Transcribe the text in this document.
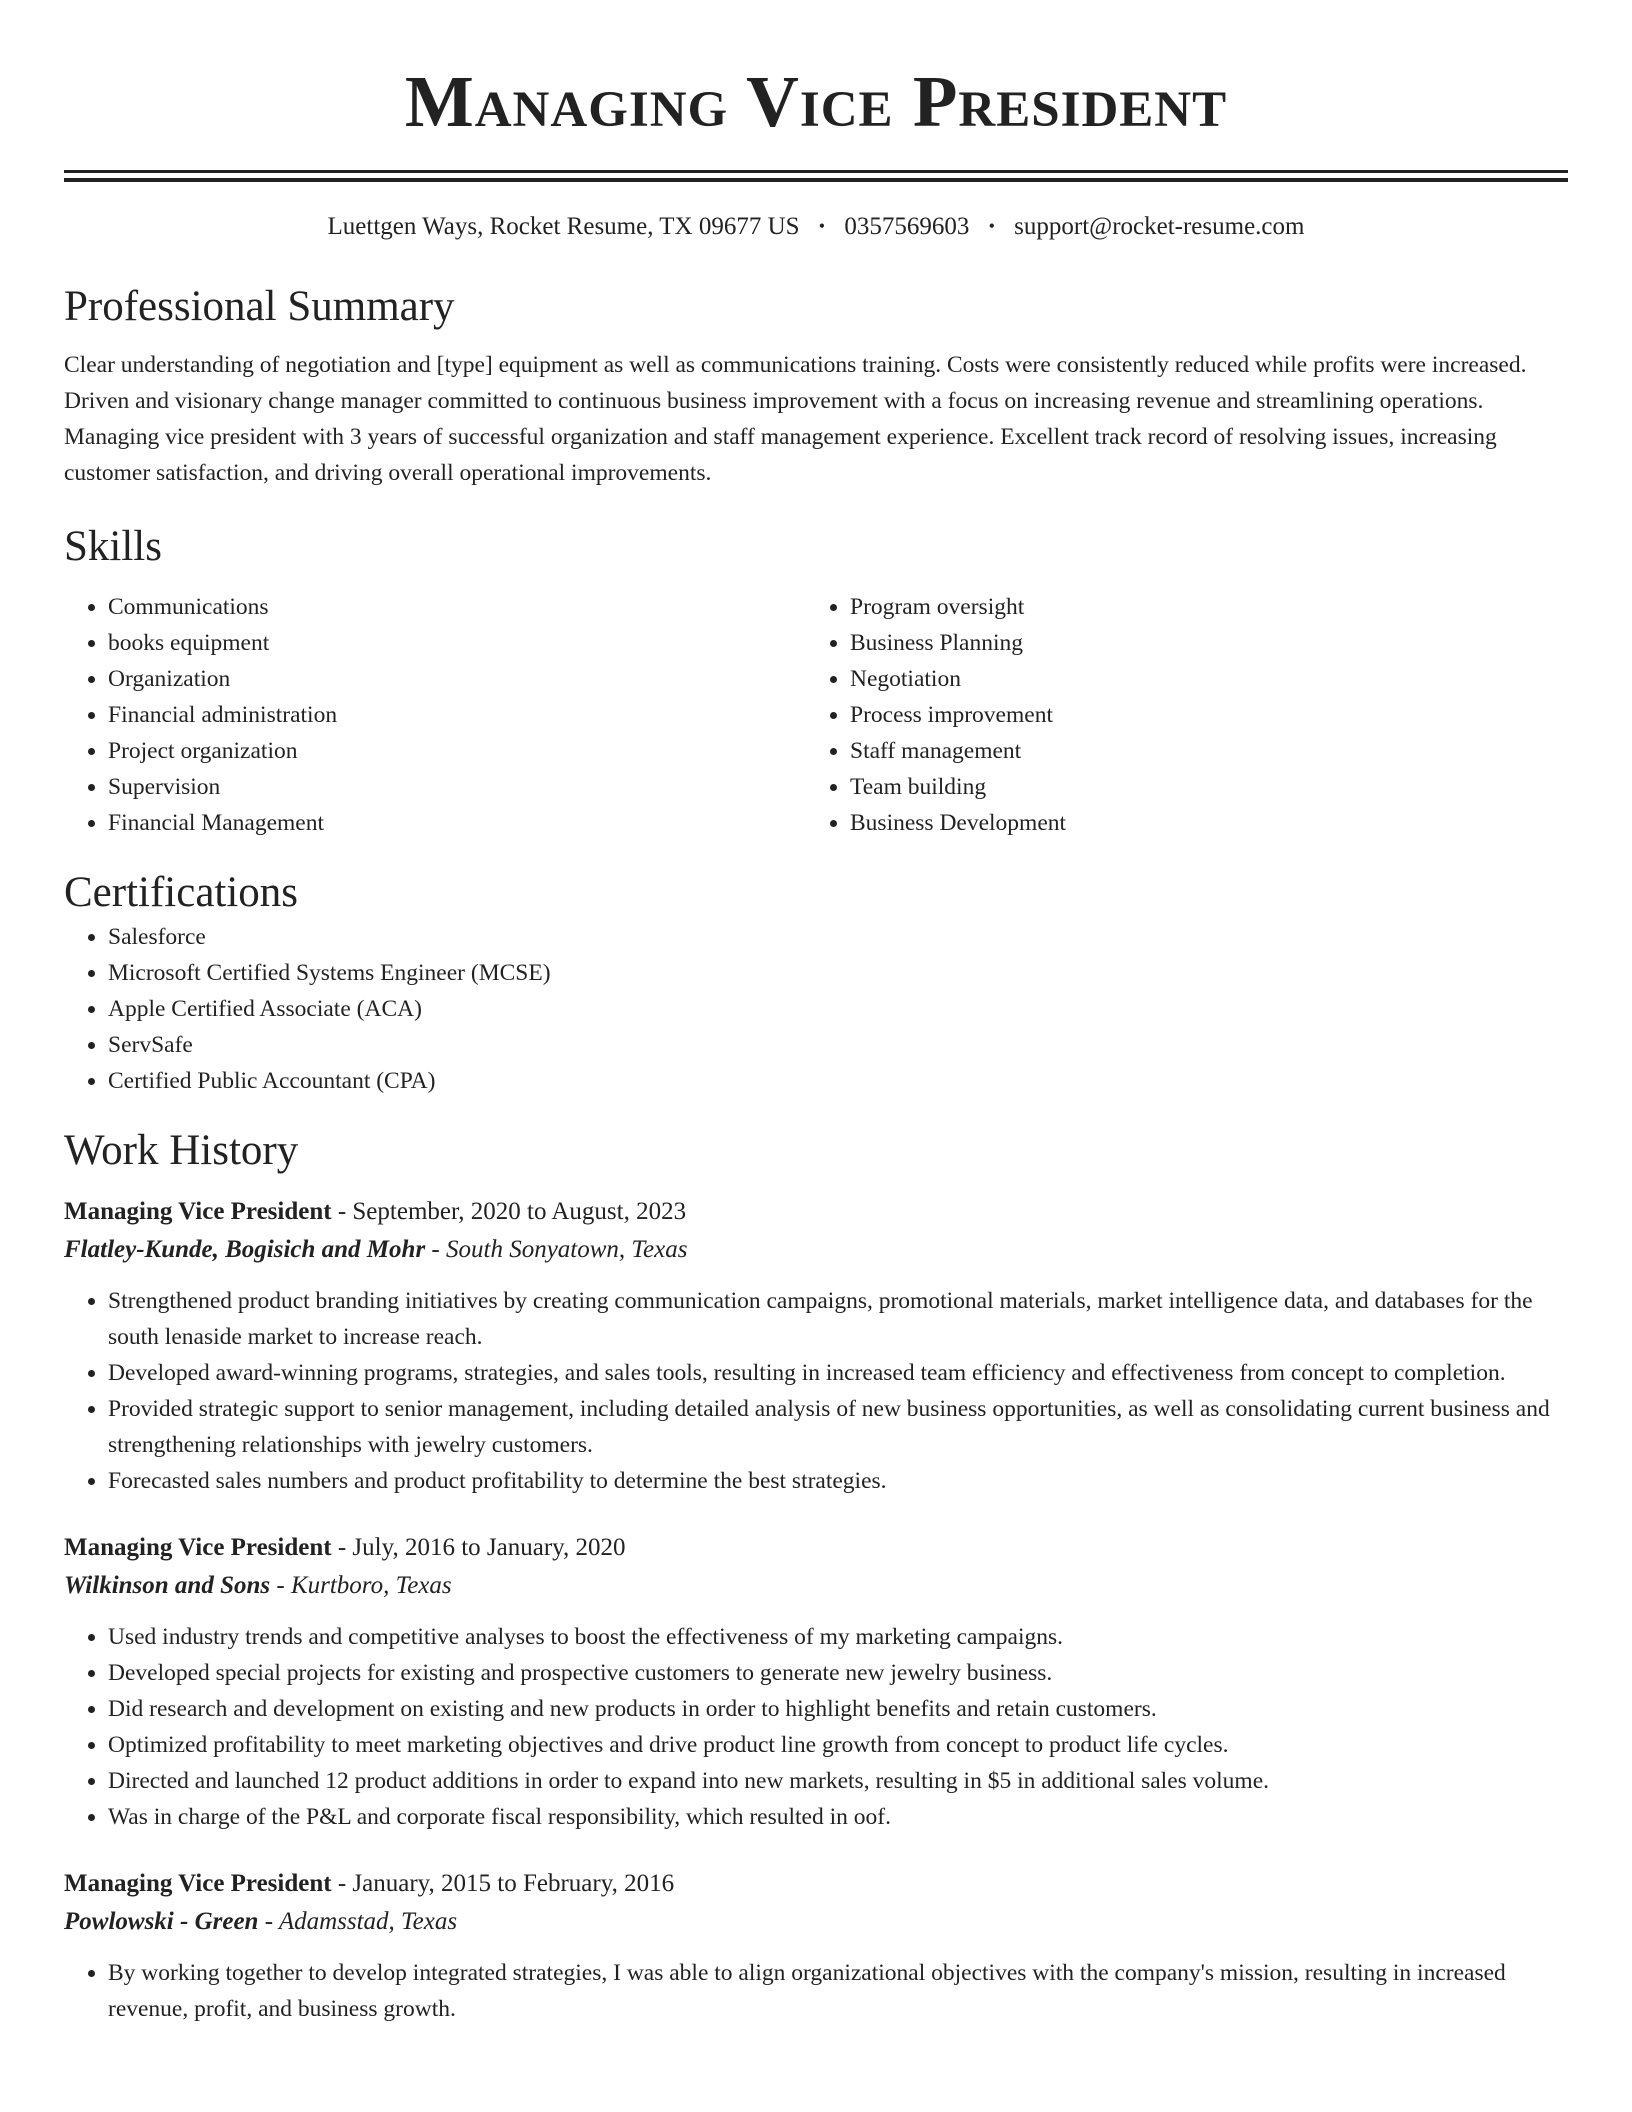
Managing Vice President
Luettgen Ways, Rocket Resume, TX 09677 US • 0357569603 • support@rocket-resume.com
Professional Summary

Clear understanding of negotiation and [type] equipment as well as communications training. Costs were consistently reduced while profits were increased. Driven and visionary change manager committed to continuous business improvement with a focus on increasing revenue and streamlining operations. Managing vice president with 3 years of successful organization and staff management experience. Excellent track record of resolving issues, increasing customer satisfaction, and driving overall operational improvements.

Skills
• Communications
• books equipment
• Organization
• Financial administration
• Project organization
• Supervision
• Financial Management
• Program oversight
• Business Planning
• Negotiation
• Process improvement
• Staff management
• Team building
• Business Development
Certifications
• Salesforce
• Microsoft Certified Systems Engineer (MCSE)
• Apple Certified Associate (ACA)
• ServSafe
• Certified Public Accountant (CPA)
Work History
Managing Vice President - September, 2020 to August, 2023
Flatley-Kunde, Bogisich and Mohr - South Sonyatown, Texas
• Strengthened product branding initiatives by creating communication campaigns, promotional materials, market intelligence data, and databases for the south lenaside market to increase reach.
• Developed award-winning programs, strategies, and sales tools, resulting in increased team efficiency and effectiveness from concept to completion.
• Provided strategic support to senior management, including detailed analysis of new business opportunities, as well as consolidating current business and strengthening relationships with jewelry customers.
• Forecasted sales numbers and product profitability to determine the best strategies.
Managing Vice President - July, 2016 to January, 2020
Wilkinson and Sons - Kurtboro, Texas
• Used industry trends and competitive analyses to boost the effectiveness of my marketing campaigns.
• Developed special projects for existing and prospective customers to generate new jewelry business.
• Did research and development on existing and new products in order to highlight benefits and retain customers.
• Optimized profitability to meet marketing objectives and drive product line growth from concept to product life cycles.
• Directed and launched 12 product additions in order to expand into new markets, resulting in $5 in additional sales volume.
• Was in charge of the P&L and corporate fiscal responsibility, which resulted in oof.
Managing Vice President - January, 2015 to February, 2016
Powlowski - Green - Adamsstad, Texas
• By working together to develop integrated strategies, I was able to align organizational objectives with the company's mission, resulting in increased revenue, profit, and business growth.
